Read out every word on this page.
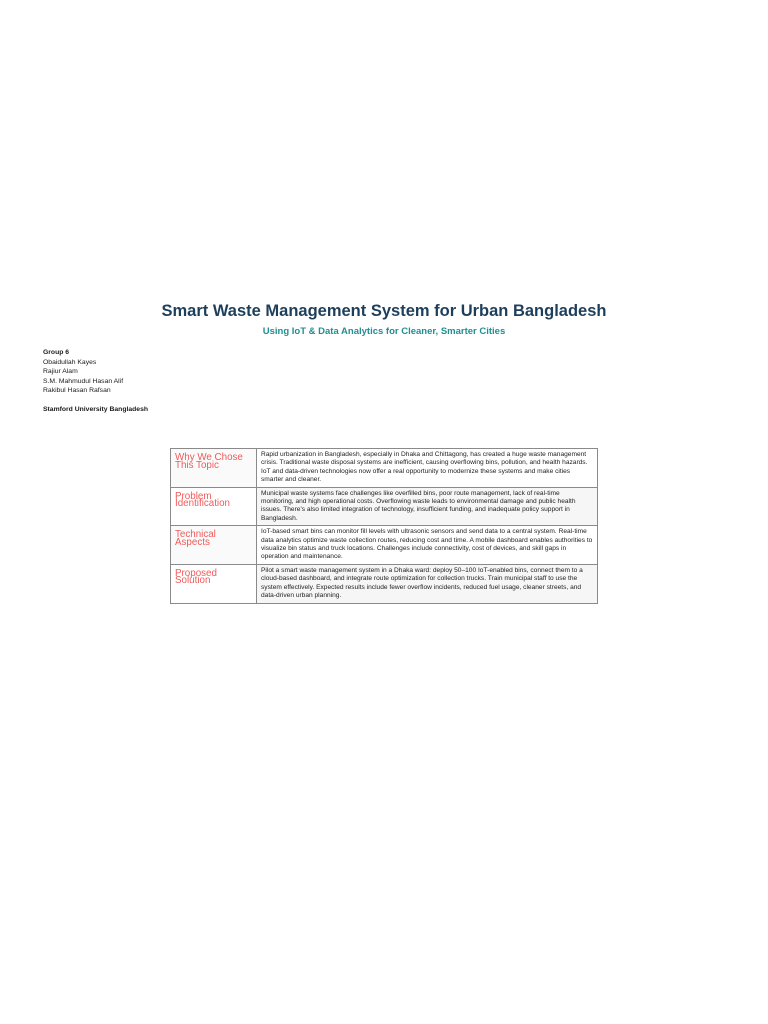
Smart Waste Management System for Urban Bangladesh
Using IoT & Data Analytics for Cleaner, Smarter Cities
Group 6
Obaidullah Kayes
Rajiur Alam
S.M. Mahmudul Hasan Alif
Rakibul Hasan Rafsan
Stamford University Bangladesh
Why We Chose This Topic	Rapid urbanization in Bangladesh, especially in Dhaka and Chittagong, has created a huge waste management crisis. Traditional waste disposal systems are inefficient, causing overflowing bins, pollution, and health hazards. IoT and data-driven technologies now offer a real opportunity to modernize these systems and make cities smarter and cleaner.
Problem Identification	Municipal waste systems face challenges like overfilled bins, poor route management, lack of real-time monitoring, and high operational costs. Overflowing waste leads to environmental damage and public health issues. There's also limited integration of technology, insufficient funding, and inadequate policy support in Bangladesh.
Technical Aspects	IoT-based smart bins can monitor fill levels with ultrasonic sensors and send data to a central system. Real-time data analytics optimize waste collection routes, reducing cost and time. A mobile dashboard enables authorities to visualize bin status and truck locations. Challenges include connectivity, cost of devices, and skill gaps in operation and maintenance.
Proposed Solution	Pilot a smart waste management system in a Dhaka ward: deploy 50–100 IoT-enabled bins, connect them to a cloud-based dashboard, and integrate route optimization for collection trucks. Train municipal staff to use the system effectively. Expected results include fewer overflow incidents, reduced fuel usage, cleaner streets, and data-driven urban planning.
